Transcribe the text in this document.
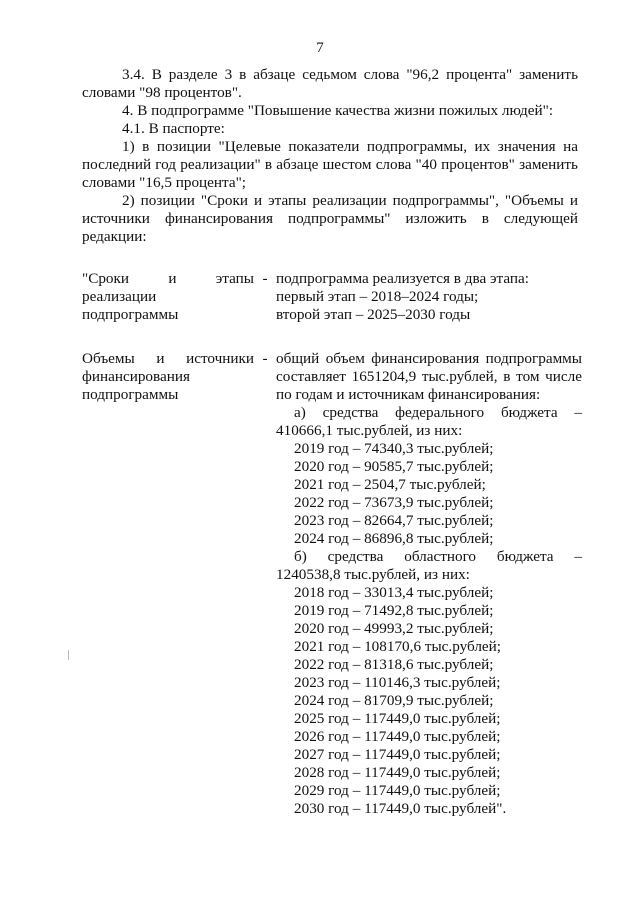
7

3.4. В разделе 3 в абзаце седьмом слова "96,2 процента" заменить словами "98 процентов".

4. В подпрограмме "Повышение качества жизни пожилых людей":

4.1. В паспорте:

1) в позиции "Целевые показатели подпрограммы, их значения на последний год реализации" в абзаце шестом слова "40 процентов" заменить словами "16,5 процента";

2) позиции "Сроки и этапы реализации подпрограммы", "Объемы и источники финансирования подпрограммы" изложить в следующей редакции:

"Сроки и этапы реализации подпрограммы
- подпрограмма реализуется в два этапа:
первый этап – 2018–2024 годы;
второй этап – 2025–2030 годы
Объемы и источники финансирования подпрограммы
- общий объем финансирования подпрограммы составляет 1651204,9 тыс.рублей, в том числе по годам и источникам финансирования:
а) средства федерального бюджета – 410666,1 тыс.рублей, из них:
2019 год – 74340,3 тыс.рублей;
2020 год – 90585,7 тыс.рублей;
2021 год – 2504,7 тыс.рублей;
2022 год – 73673,9 тыс.рублей;
2023 год – 82664,7 тыс.рублей;
2024 год – 86896,8 тыс.рублей;
б) средства областного бюджета – 1240538,8 тыс.рублей, из них:
2018 год – 33013,4 тыс.рублей;
2019 год – 71492,8 тыс.рублей;
2020 год – 49993,2 тыс.рублей;
2021 год – 108170,6 тыс.рублей;
2022 год – 81318,6 тыс.рублей;
2023 год – 110146,3 тыс.рублей;
2024 год – 81709,9 тыс.рублей;
2025 год – 117449,0 тыс.рублей;
2026 год – 117449,0 тыс.рублей;
2027 год – 117449,0 тыс.рублей;
2028 год – 117449,0 тыс.рублей;
2029 год – 117449,0 тыс.рублей;
2030 год – 117449,0 тыс.рублей".
